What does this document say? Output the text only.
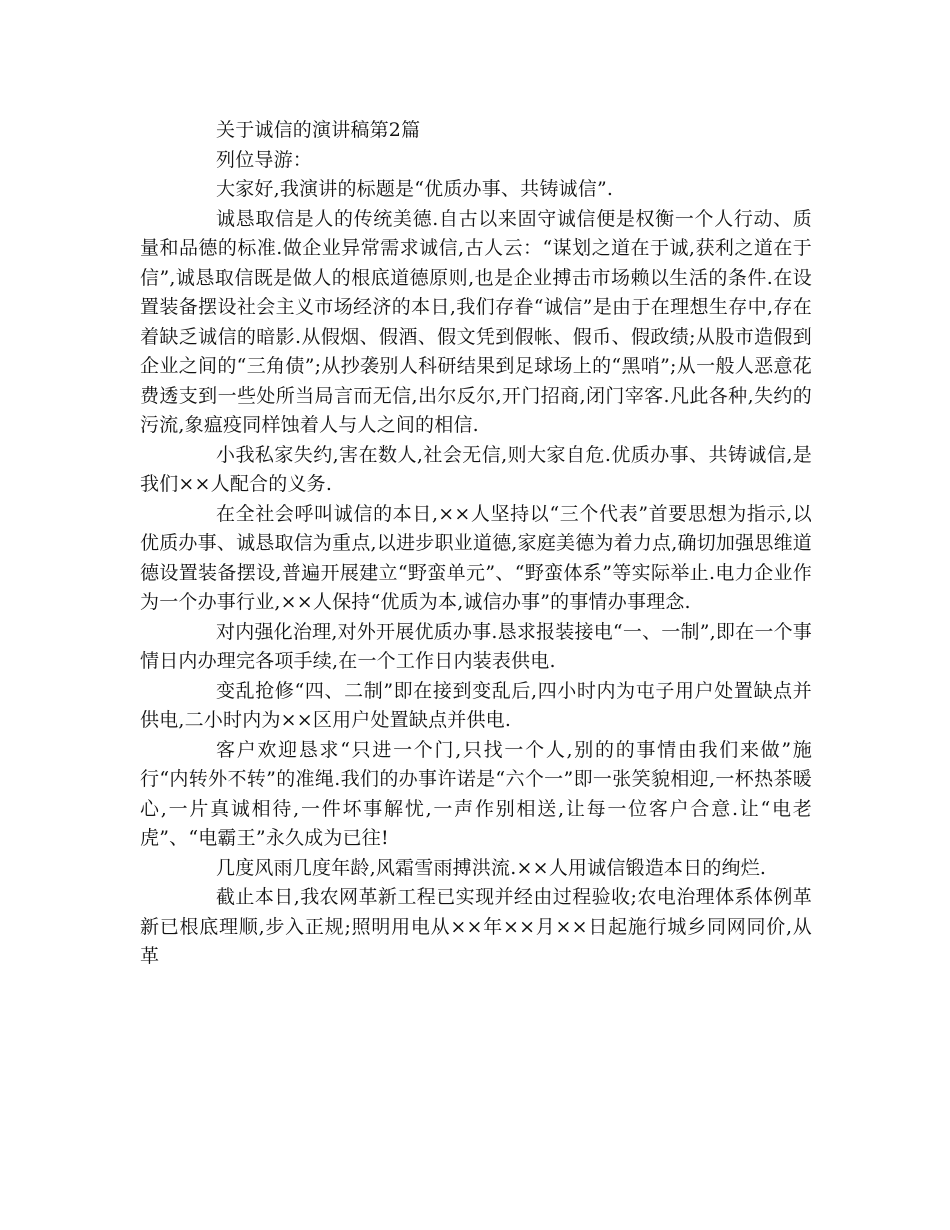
关于诚信的演讲稿第2篇

列位导游：

大家好,我演讲的标题是“优质办事、共铸诚信”.

诚恳取信是人的传统美德.自古以来固守诚信便是权衡一个人行动、质量和品德的标准.做企业异常需求诚信,古人云：“谋划之道在于诚,获利之道在于信”,诚恳取信既是做人的根底道德原则,也是企业搏击市场赖以生活的条件.在设置装备摆设社会主义市场经济的本日,我们存眷“诚信”是由于在理想生存中,存在着缺乏诚信的暗影.从假烟、假酒、假文凭到假帐、假币、假政绩;从股市造假到企业之间的“三角债”;从抄袭别人科研结果到足球场上的“黑哨”;从一般人恶意花费透支到一些处所当局言而无信,出尔反尔,开门招商,闭门宰客.凡此各种,失约的污流,象瘟疫同样蚀着人与人之间的相信.

小我私家失约,害在数人,社会无信,则大家自危.优质办事、共铸诚信,是我们××人配合的义务.

在全社会呼叫诚信的本日,××人坚持以“三个代表”首要思想为指示,以优质办事、诚恳取信为重点,以进步职业道德,家庭美德为着力点,确切加强思维道德设置装备摆设,普遍开展建立“野蛮单元”、“野蛮体系”等实际举止.电力企业作为一个办事行业,××人保持“优质为本,诚信办事”的事情办事理念.

对内强化治理,对外开展优质办事.恳求报装接电“一、一制”,即在一个事情日内办理完各项手续,在一个工作日内装表供电.

变乱抢修“四、二制”即在接到变乱后,四小时内为屯子用户处置缺点并供电,二小时内为××区用户处置缺点并供电.

客户欢迎恳求“只进一个门,只找一个人,别的的事情由我们来做”施行“内转外不转”的准绳.我们的办事许诺是“六个一”即一张笑貌相迎,一杯热茶暖心,一片真诚相待,一件坏事解忧,一声作别相送,让每一位客户合意.让“电老虎”、“电霸王”永久成为已往!

几度风雨几度年龄,风霜雪雨搏洪流.××人用诚信锻造本日的绚烂.

截止本日,我农网革新工程已实现并经由过程验收;农电治理体系体例革新已根底理顺,步入正规;照明用电从××年××月××日起施行城乡同网同价,从革
